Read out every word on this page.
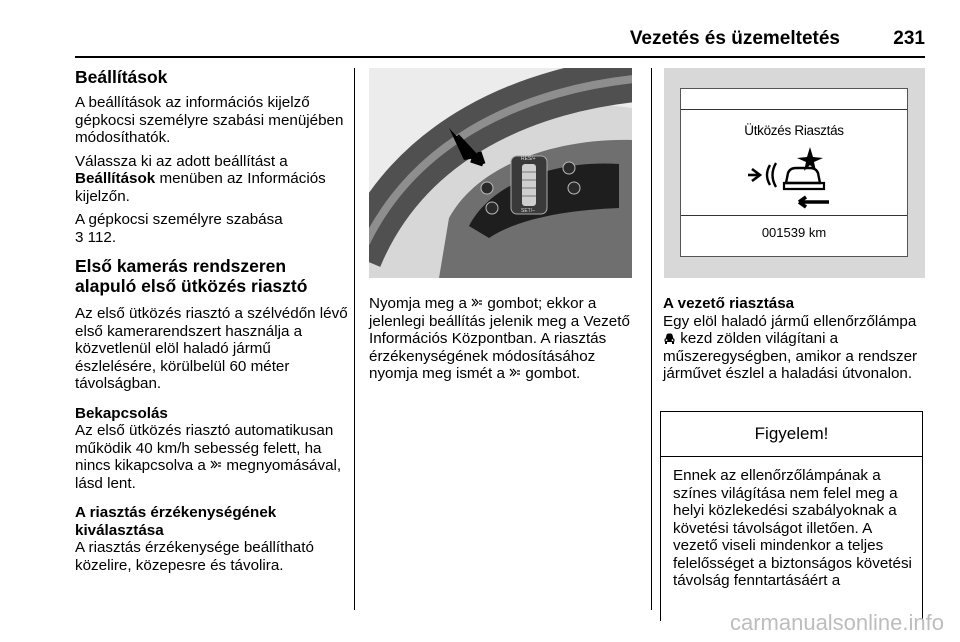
Vezetés és üzemeltetés	231

Beállítások

A beállítások az információs kijelző gépkocsi személyre szabási menüjében módosíthatók.

Válassza ki az adott beállítást a Beállítások menüben az Információs kijelzőn.

A gépkocsi személyre szabása
3 112.

Első kamerás rendszeren alapuló első ütközés riasztó

Az első ütközés riasztó a szélvédőn lévő első kamerarendszert használja a közvetlenül elöl haladó jármű észlelésére, körülbelül 60 méter távolságban.

Bekapcsolás

Az első ütközés riasztó automatikusan működik 40 km/h sebesség felett, ha nincs kikapcsolva a megnyomásával, lásd lent.

A riasztás érzékenységének kiválasztása

A riasztás érzékenysége beállítható közelire, közepesre és távolira.

RES/+
SET/–

Nyomja meg a gombot; ekkor a jelenlegi beállítás jelenik meg a Vezető Információs Központban. A riasztás érzékenységének módosításához nyomja meg ismét a gombot.

Ütközés Riasztás
001539 km

A vezető riasztása

Egy elöl haladó jármű ellenőrzőlámpa  kezd zölden világítani a műszeregységben, amikor a rendszer járművet észlel a haladási útvonalon.

Figyelem!
Ennek az ellenőrzőlámpának a színes világítása nem felel meg a helyi közlekedési szabályoknak a követési távolságot illetően. A vezető viseli mindenkor a teljes felelősséget a biztonságos követési távolság fenntartásáért a
carmanualsonline.info
